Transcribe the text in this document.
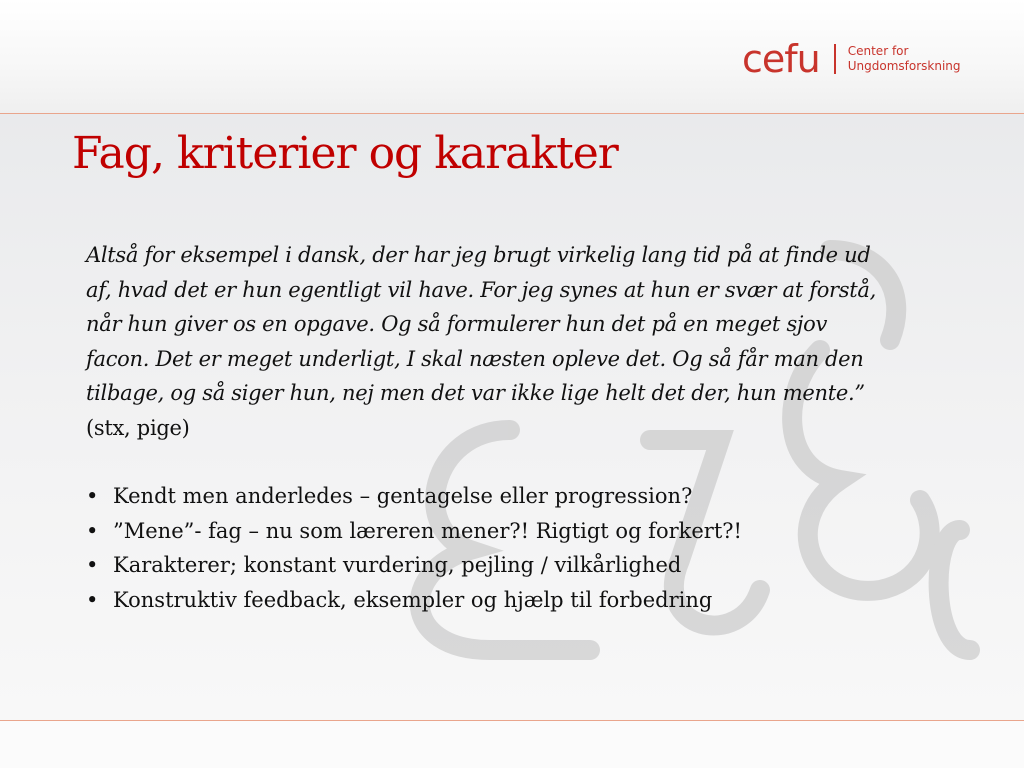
cefu Center for
Ungdomsforskning
Fag, kriterier og karakter

Altså for eksempel i dansk, der har jeg brugt virkelig lang tid på at finde ud af, hvad det er hun egentligt vil have. For jeg synes at hun er svær at forstå, når hun giver os en opgave. Og så formulerer hun det på en meget sjov facon. Det er meget underligt, I skal næsten opleve det. Og så får man den tilbage, og så siger hun, nej men det var ikke lige helt det der, hun mente.” (stx, pige)

• Kendt men anderledes – gentagelse eller progression?
• ”Mene”- fag – nu som læreren mener?! Rigtigt og forkert?!
• Karakterer; konstant vurdering, pejling / vilkårlighed
• Konstruktiv feedback, eksempler og hjælp til forbedring
